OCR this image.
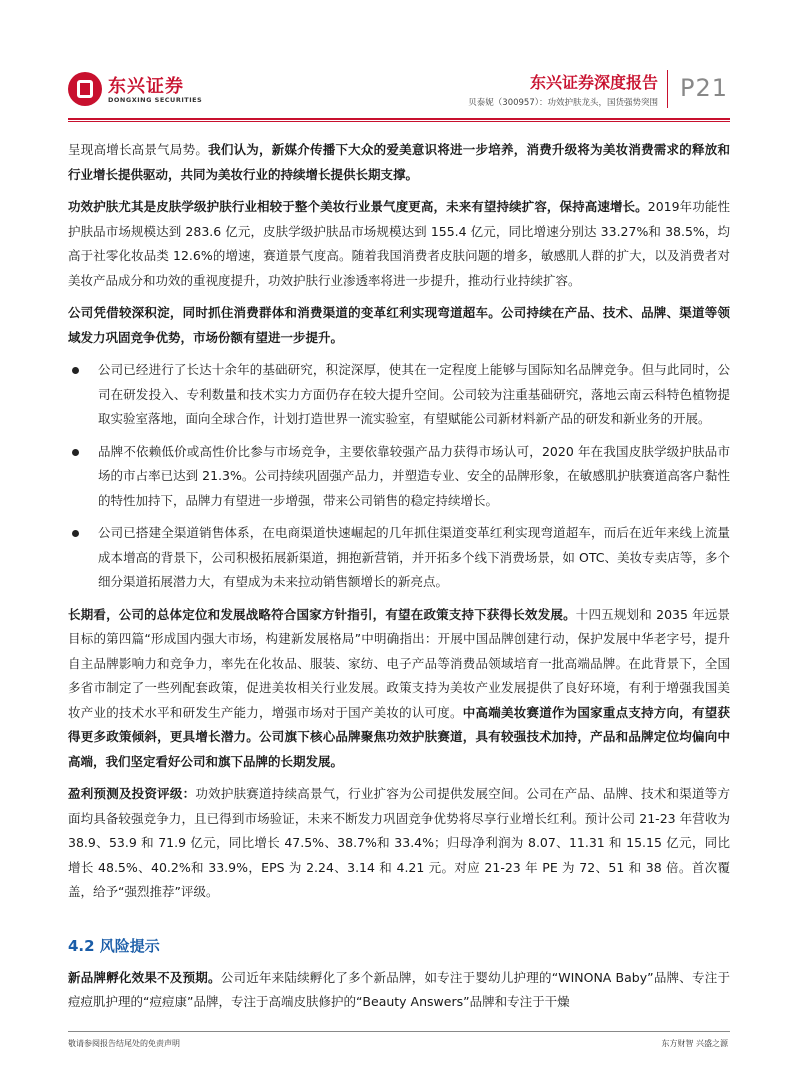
东兴证券
DONGXING SECURITIES
东兴证券深度报告
贝泰妮（300957）：功效护肤龙头，国货强势突围
P21

呈现高增长高景气局势。我们认为，新媒介传播下大众的爱美意识将进一步培养，消费升级将为美妆消费需求的释放和行业增长提供驱动，共同为美妆行业的持续增长提供长期支撑。

功效护肤尤其是皮肤学级护肤行业相较于整个美妆行业景气度更高，未来有望持续扩容，保持高速增长。2019年功能性护肤品市场规模达到 283.6 亿元，皮肤学级护肤品市场规模达到 155.4 亿元，同比增速分别达 33.27%和 38.5%，均高于社零化妆品类 12.6%的增速，赛道景气度高。随着我国消费者皮肤问题的增多，敏感肌人群的扩大，以及消费者对美妆产品成分和功效的重视度提升，功效护肤行业渗透率将进一步提升，推动行业持续扩容。

公司凭借较深积淀，同时抓住消费群体和消费渠道的变革红利实现弯道超车。公司持续在产品、技术、品牌、渠道等领域发力巩固竞争优势，市场份额有望进一步提升。

公司已经进行了长达十余年的基础研究，积淀深厚，使其在一定程度上能够与国际知名品牌竞争。但与此同时，公司在研发投入、专利数量和技术实力方面仍存在较大提升空间。公司较为注重基础研究，落地云南云科特色植物提取实验室落地，面向全球合作，计划打造世界一流实验室，有望赋能公司新材料新产品的研发和新业务的开展。
品牌不依赖低价或高性价比参与市场竞争，主要依靠较强产品力获得市场认可，2020 年在我国皮肤学级护肤品市场的市占率已达到 21.3%。公司持续巩固强产品力，并塑造专业、安全的品牌形象，在敏感肌护肤赛道高客户黏性的特性加持下，品牌力有望进一步增强，带来公司销售的稳定持续增长。
公司已搭建全渠道销售体系，在电商渠道快速崛起的几年抓住渠道变革红利实现弯道超车，而后在近年来线上流量成本增高的背景下，公司积极拓展新渠道，拥抱新营销，并开拓多个线下消费场景，如 OTC、美妆专卖店等，多个细分渠道拓展潜力大，有望成为未来拉动销售额增长的新亮点。

长期看，公司的总体定位和发展战略符合国家方针指引，有望在政策支持下获得长效发展。十四五规划和 2035 年远景目标的第四篇“形成国内强大市场，构建新发展格局”中明确指出：开展中国品牌创建行动，保护发展中华老字号，提升自主品牌影响力和竞争力，率先在化妆品、服装、家纺、电子产品等消费品领域培育一批高端品牌。在此背景下，全国多省市制定了一些列配套政策，促进美妆相关行业发展。政策支持为美妆产业发展提供了良好环境，有利于增强我国美妆产业的技术水平和研发生产能力，增强市场对于国产美妆的认可度。中高端美妆赛道作为国家重点支持方向，有望获得更多政策倾斜，更具增长潜力。公司旗下核心品牌聚焦功效护肤赛道，具有较强技术加持，产品和品牌定位均偏向中高端，我们坚定看好公司和旗下品牌的长期发展。

盈利预测及投资评级：功效护肤赛道持续高景气，行业扩容为公司提供发展空间。公司在产品、品牌、技术和渠道等方面均具备较强竞争力，且已得到市场验证，未来不断发力巩固竞争优势将尽享行业增长红利。预计公司 21-23 年营收为 38.9、53.9 和 71.9 亿元，同比增长 47.5%、38.7%和 33.4%；归母净利润为 8.07、11.31 和 15.15 亿元，同比增长 48.5%、40.2%和 33.9%，EPS 为 2.24、3.14 和 4.21 元。对应 21-23 年 PE 为 72、51 和 38 倍。首次覆盖，给予“强烈推荐”评级。

4.2 风险提示

新品牌孵化效果不及预期。公司近年来陆续孵化了多个新品牌，如专注于婴幼儿护理的“WINONA Baby”品牌、专注于痘痘肌护理的“痘痘康”品牌，专注于高端皮肤修护的“Beauty Answers”品牌和专注于干燥

敬请参阅报告结尾处的免责声明	东方财智 兴盛之源
